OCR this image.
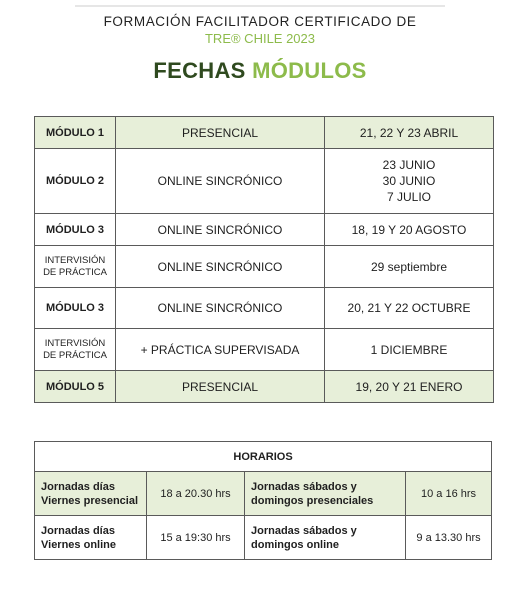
FORMACIÓN FACILITADOR CERTIFICADO DE
TRE® CHILE 2023
FECHAS MÓDULOS
MÓDULO 1	PRESENCIAL	21, 22 Y 23 ABRIL
MÓDULO 2	ONLINE SINCRÓNICO	23 JUNIO
30 JUNIO
7 JULIO

MÓDULO 3	ONLINE SINCRÓNICO	18, 19 Y 20 AGOSTO
INTERVISIÓN DE PRÁCTICA	ONLINE SINCRÓNICO	29 septiembre
MÓDULO 3	ONLINE SINCRÓNICO	20, 21 Y 22 OCTUBRE
INTERVISIÓN DE PRÁCTICA	+ PRÁCTICA SUPERVISADA	1 DICIEMBRE
MÓDULO 5	PRESENCIAL	19, 20 Y 21 ENERO
HORARIOS			
Jornadas días Viernes presencial	18 a 20.30 hrs	Jornadas sábados y domingos presenciales	10 a 16 hrs
Jornadas días Viernes online	15 a 19:30 hrs	Jornadas sábados y domingos online	9 a 13.30 hrs
